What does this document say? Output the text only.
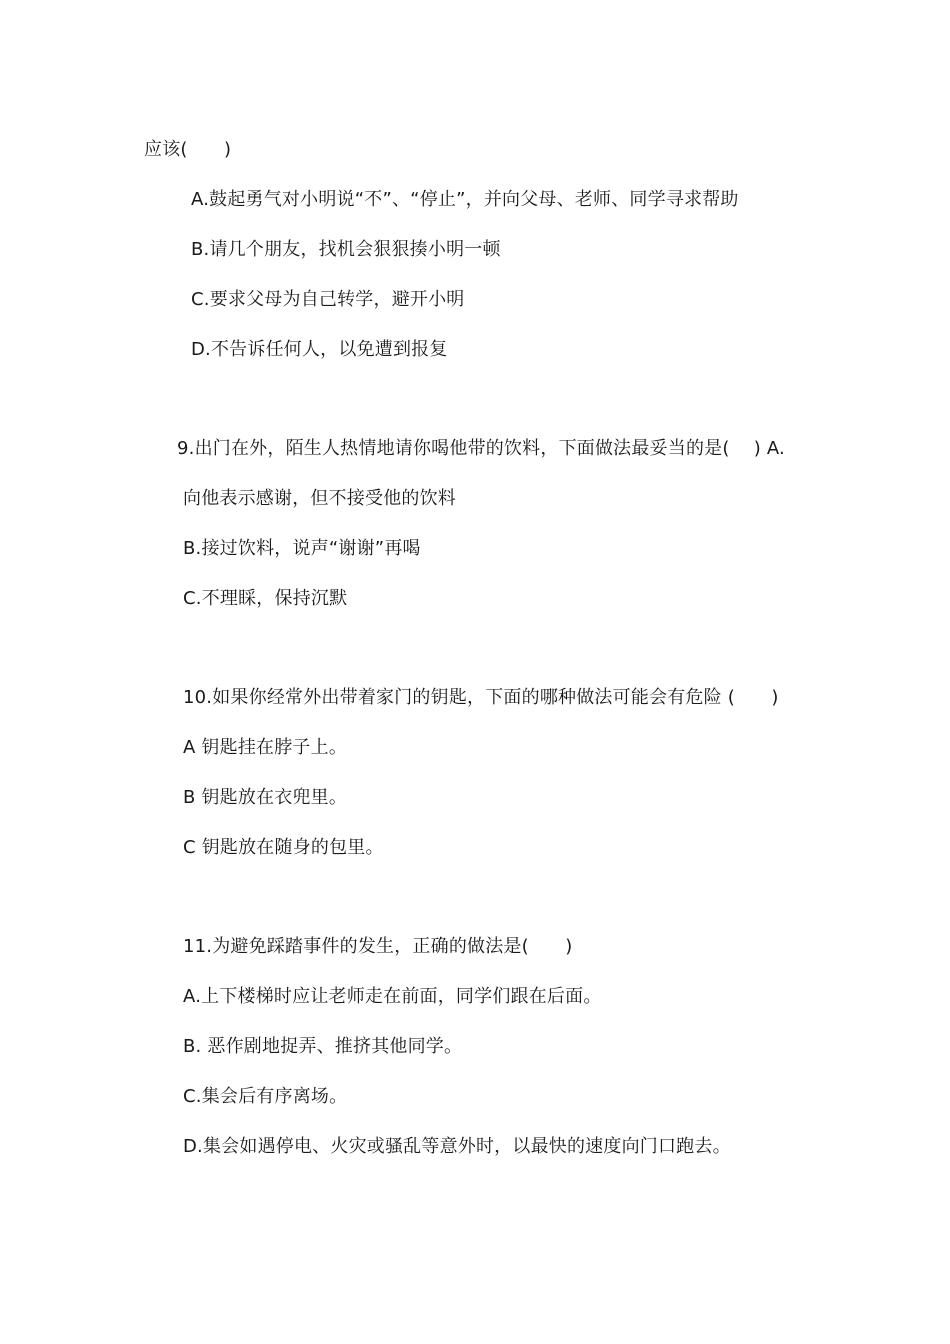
应该(　　)
A.鼓起勇气对小明说“不”、“停止”，并向父母、老师、同学寻求帮助
B.请几个朋友，找机会狠狠揍小明一顿
C.要求父母为自己转学，避开小明
D.不告诉任何人，以免遭到报复
9.出门在外，陌生人热情地请你喝他带的饮料，下面做法最妥当的是(　 ) A.
向他表示感谢，但不接受他的饮料
B.接过饮料，说声“谢谢”再喝
C.不理睬，保持沉默
10.如果你经常外出带着家门的钥匙，下面的哪种做法可能会有危险 (　　)
A 钥匙挂在脖子上。
B 钥匙放在衣兜里。
C 钥匙放在随身的包里。
11.为避免踩踏事件的发生，正确的做法是(　　)
A.上下楼梯时应让老师走在前面，同学们跟在后面。
B. 恶作剧地捉弄、推挤其他同学。
C.集会后有序离场。
D.集会如遇停电、火灾或骚乱等意外时，以最快的速度向门口跑去。
